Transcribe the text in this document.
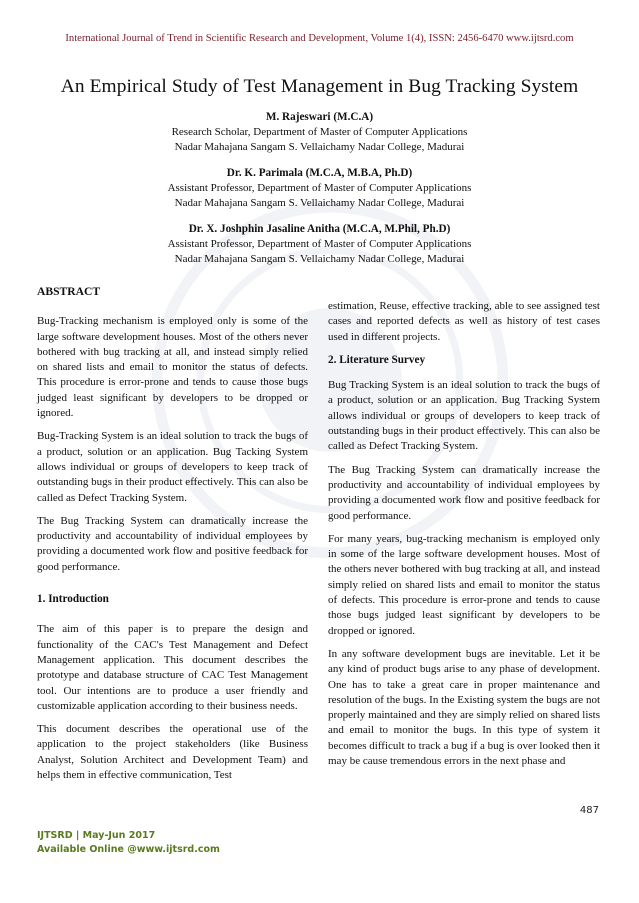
International Journal of Trend in Scientific Research and Development, Volume 1(4), ISSN: 2456-6470 www.ijtsrd.com
An Empirical Study of Test Management in Bug Tracking System
M. Rajeswari (M.C.A)
Research Scholar, Department of Master of Computer Applications
Nadar Mahajana Sangam S. Vellaichamy Nadar College, Madurai
Dr. K. Parimala (M.C.A, M.B.A, Ph.D)
Assistant Professor, Department of Master of Computer Applications
Nadar Mahajana Sangam S. Vellaichamy Nadar College, Madurai
Dr. X. Joshphin Jasaline Anitha (M.C.A, M.Phil, Ph.D)
Assistant Professor, Department of Master of Computer Applications
Nadar Mahajana Sangam S. Vellaichamy Nadar College, Madurai
ABSTRACT

Bug-Tracking mechanism is employed only is some of the large software development houses. Most of the others never bothered with bug tracking at all, and instead simply relied on shared lists and email to monitor the status of defects. This procedure is error-prone and tends to cause those bugs judged least significant by developers to be dropped or ignored.

Bug-Tracking System is an ideal solution to track the bugs of a product, solution or an application. Bug Tacking System allows individual or groups of developers to keep track of outstanding bugs in their product effectively. This can also be called as Defect Tracking System.

The Bug Tracking System can dramatically increase the productivity and accountability of individual employees by providing a documented work flow and positive feedback for good performance.

1. Introduction

The aim of this paper is to prepare the design and functionality of the CAC's Test Management and Defect Management application. This document describes the prototype and database structure of CAC Test Management tool. Our intentions are to produce a user friendly and customizable application according to their business needs.

This document describes the operational use of the application to the project stakeholders (like Business Analyst, Solution Architect and Development Team) and helps them in effective communication, Test

estimation, Reuse, effective tracking, able to see assigned test cases and reported defects as well as history of test cases used in different projects.

2. Literature Survey

Bug Tracking System is an ideal solution to track the bugs of a product, solution or an application. Bug Tracking System allows individual or groups of developers to keep track of outstanding bugs in their product effectively. This can also be called as Defect Tracking System.

The Bug Tracking System can dramatically increase the productivity and accountability of individual employees by providing a documented work flow and positive feedback for good performance.

For many years, bug-tracking mechanism is employed only in some of the large software development houses. Most of the others never bothered with bug tracking at all, and instead simply relied on shared lists and email to monitor the status of defects. This procedure is error-prone and tends to cause those bugs judged least significant by developers to be dropped or ignored.

In any software development bugs are inevitable. Let it be any kind of product bugs arise to any phase of development. One has to take a great care in proper maintenance and resolution of the bugs. In the Existing system the bugs are not properly maintained and they are simply relied on shared lists and email to monitor the bugs. In this type of system it becomes difficult to track a bug if a bug is over looked then it may be cause tremendous errors in the next phase and

487
IJTSRD | May-Jun 2017
Available Online @www.ijtsrd.com
